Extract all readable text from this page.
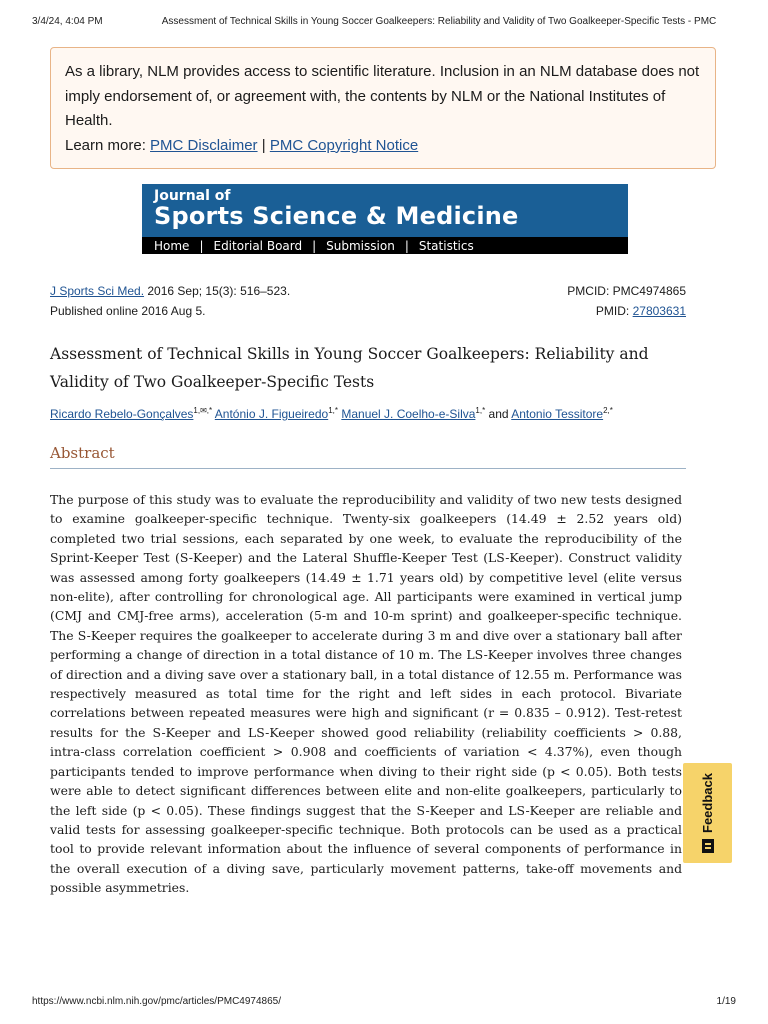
3/4/24, 4:04 PM	Assessment of Technical Skills in Young Soccer Goalkeepers: Reliability and Validity of Two Goalkeeper-Specific Tests - PMC

As a library, NLM provides access to scientific literature. Inclusion in an NLM database does not imply endorsement of, or agreement with, the contents by NLM or the National Institutes of Health.

Learn more: PMC Disclaimer | PMC Copyright Notice

Journal of
Sports Science & Medicine
Home | Editorial Board | Submission | Statistics
J Sports Sci Med. 2016 Sep; 15(3): 516–523.	PMCID: PMC4974865
Published online 2016 Aug 5.	PMID: 27803631
Assessment of Technical Skills in Young Soccer Goalkeepers: Reliability and Validity of Two Goalkeeper-Specific Tests
Ricardo Rebelo-Gonçalves$^{1,✉,*}$ António J. Figueiredo$^{1,*}$ Manuel J. Coelho-e-Silva$^{1,*}$ and Antonio Tessitore$^{2,*}$
Abstract

The purpose of this study was to evaluate the reproducibility and validity of two new tests designed to examine goalkeeper-specific technique. Twenty-six goalkeepers (14.49 ± 2.52 years old) completed two trial sessions, each separated by one week, to evaluate the reproducibility of the Sprint-Keeper Test (S-Keeper) and the Lateral Shuffle-Keeper Test (LS-Keeper). Construct validity was assessed among forty goalkeepers (14.49 ± 1.71 years old) by competitive level (elite versus non-elite), after controlling for chronological age. All participants were examined in vertical jump (CMJ and CMJ-free arms), acceleration (5-m and 10-m sprint) and goalkeeper-specific technique. The S-Keeper requires the goalkeeper to accelerate during 3 m and dive over a stationary ball after performing a change of direction in a total distance of 10 m. The LS-Keeper involves three changes of direction and a diving save over a stationary ball, in a total distance of 12.55 m. Performance was respectively measured as total time for the right and left sides in each protocol. Bivariate correlations between repeated measures were high and significant (r = 0.835 – 0.912). Test-retest results for the S-Keeper and LS-Keeper showed good reliability (reliability coefficients > 0.88, intra-class correlation coefficient > 0.908 and coefficients of variation < 4.37%), even though participants tended to improve performance when diving to their right side (p < 0.05). Both tests were able to detect significant differences between elite and non-elite goalkeepers, particularly to the left side (p < 0.05). These findings suggest that the S-Keeper and LS-Keeper are reliable and valid tests for assessing goalkeeper-specific technique. Both protocols can be used as a practical tool to provide relevant information about the influence of several components of performance in the overall execution of a diving save, particularly movement patterns, take-off movements and possible asymmetries.

Feedback
https://www.ncbi.nlm.nih.gov/pmc/articles/PMC4974865/	1/19
